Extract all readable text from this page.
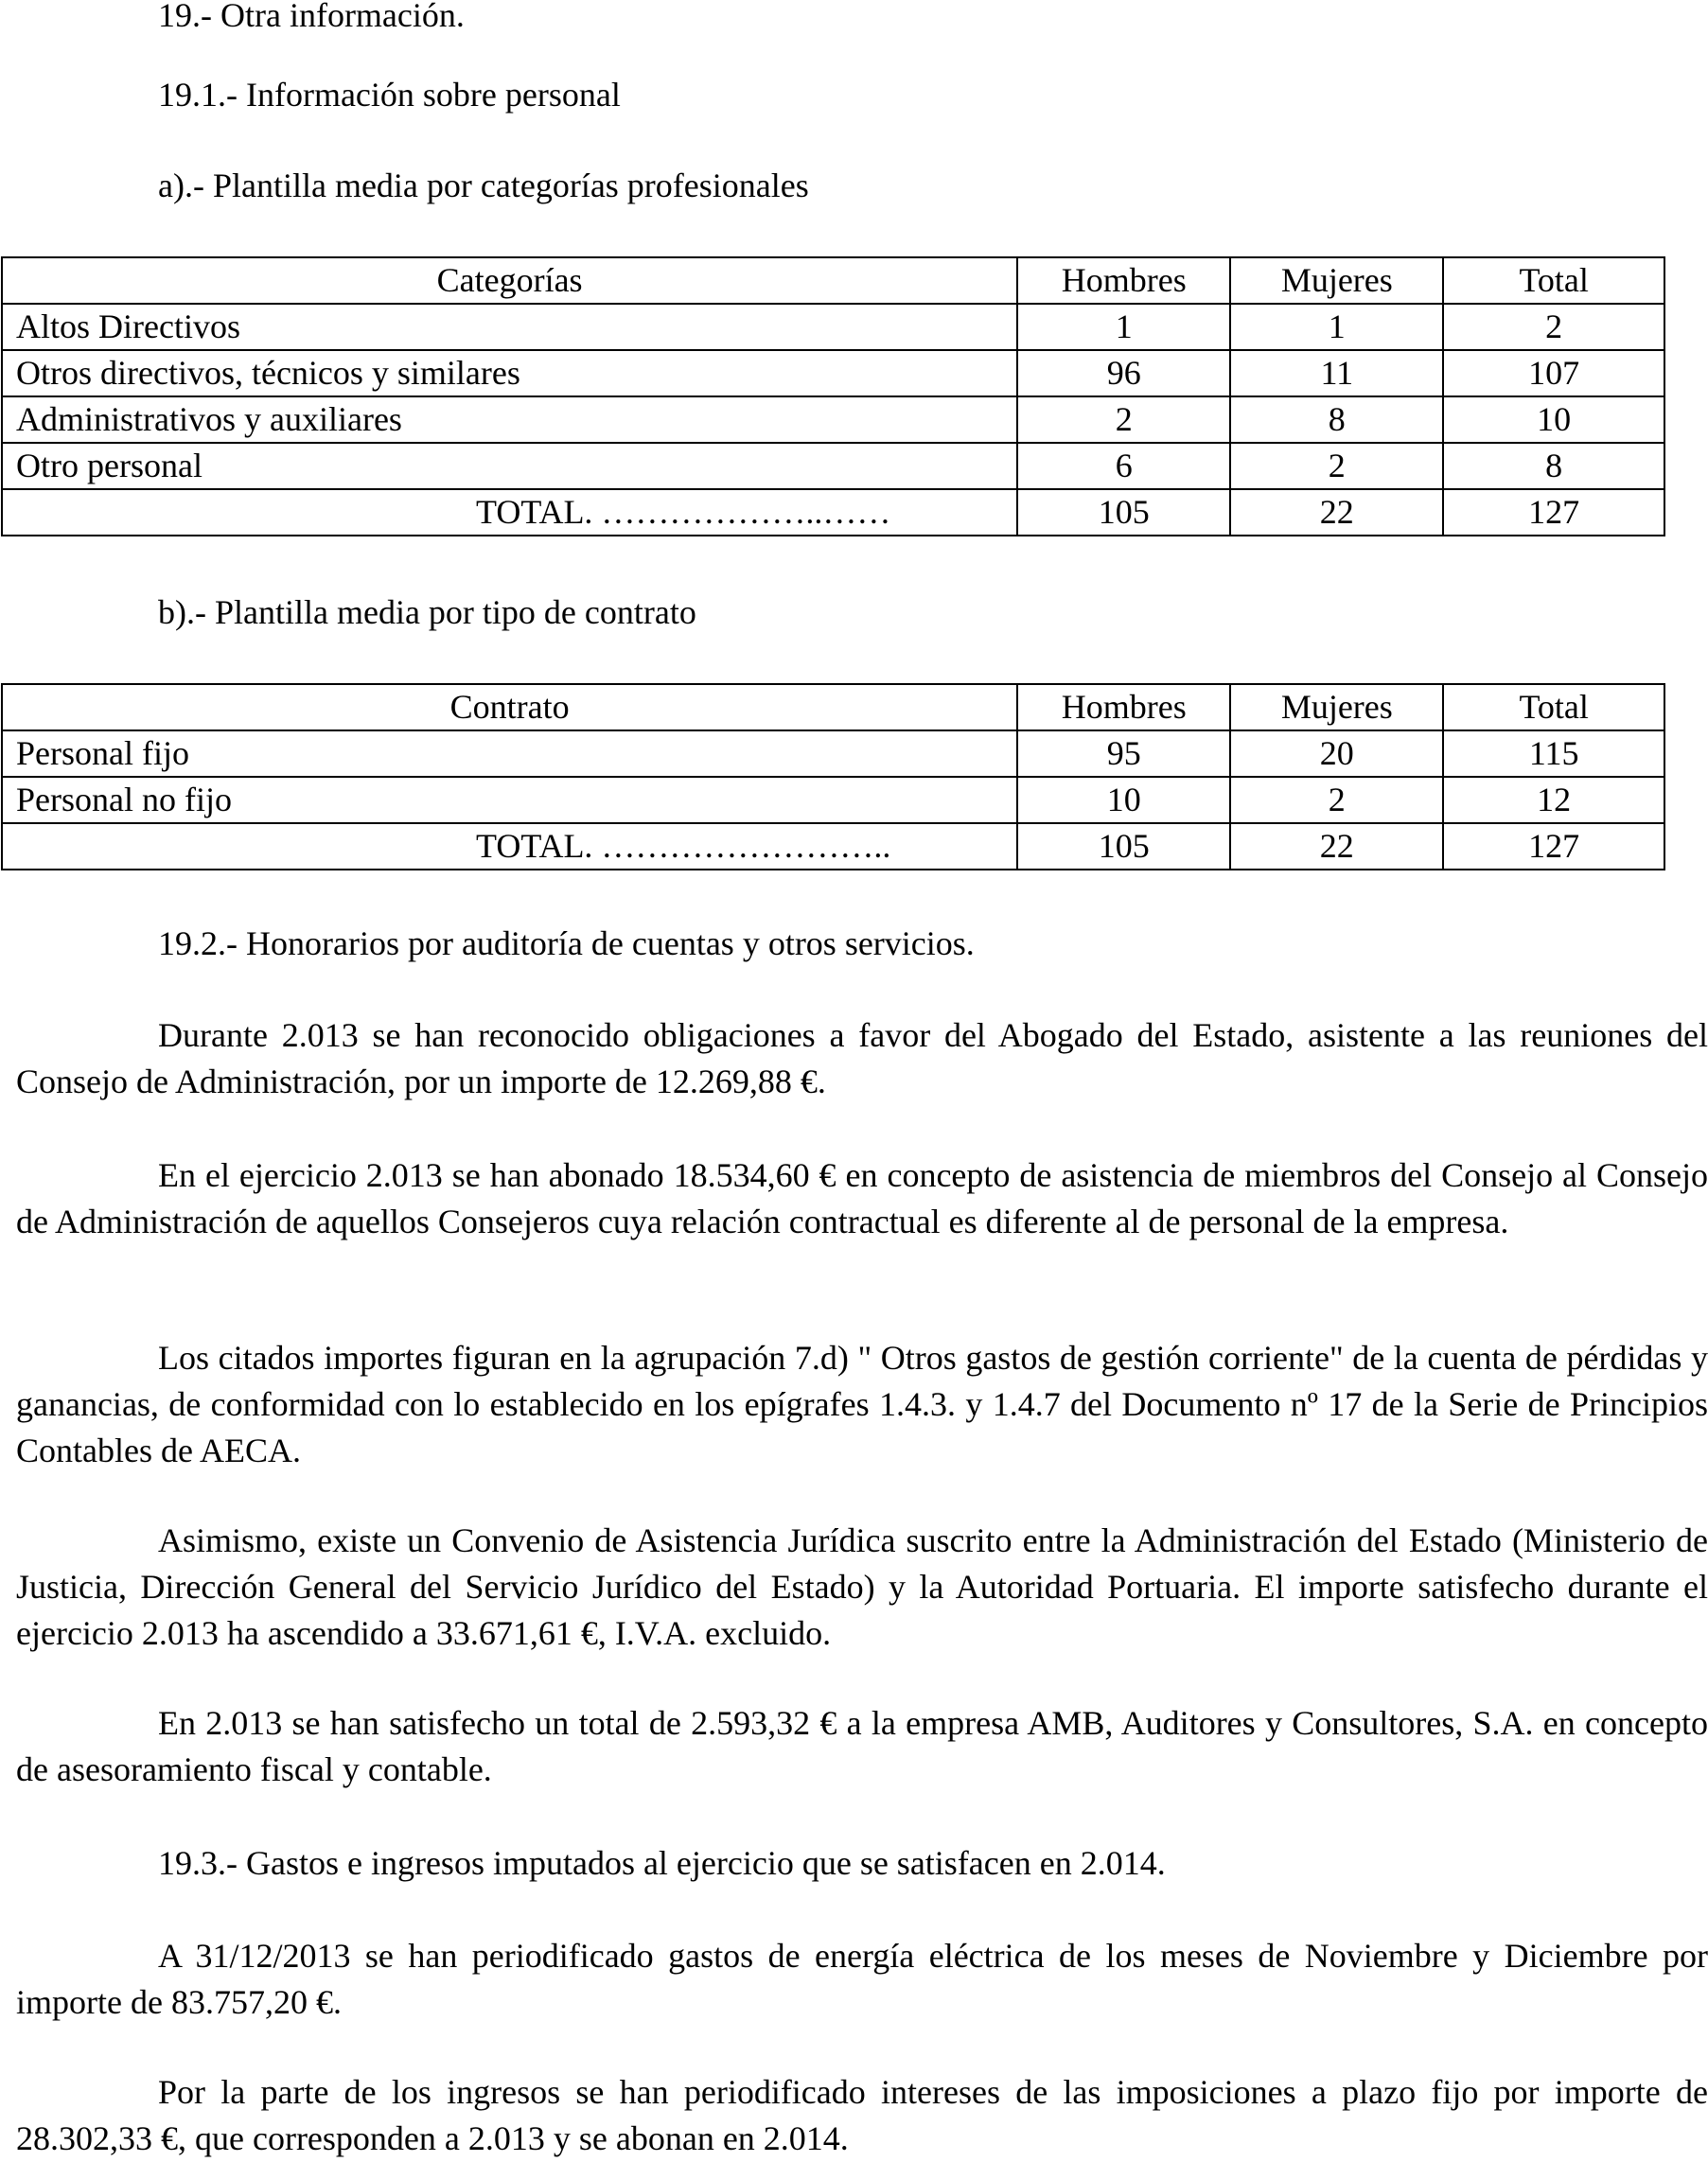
19.- Otra información.
19.1.- Información sobre personal
a).- Plantilla media por categorías profesionales
Categorías	Hombres	Mujeres	Total
Altos Directivos	1	1	2
Otros directivos, técnicos y similares	96	11	107
Administrativos y auxiliares	2	8	10
Otro personal	6	2	8
TOTAL. ………………..……	105	22	127
b).- Plantilla media por tipo de contrato
Contrato	Hombres	Mujeres	Total
Personal fijo	95	20	115
Personal no fijo	10	2	12
TOTAL. ……………………..	105	22	127
19.2.- Honorarios por auditoría de cuentas y otros servicios.

Durante 2.013 se han reconocido obligaciones a favor del Abogado del Estado, asistente a las reuniones del Consejo de Administración, por un importe de 12.269,88 €.

En el ejercicio 2.013 se han abonado 18.534,60 € en concepto de asistencia de miembros del Consejo al Consejo de Administración de aquellos Consejeros cuya relación contractual es diferente al de personal de la empresa.

Los citados importes figuran en la agrupación 7.d) " Otros gastos de gestión corriente" de la cuenta de pérdidas y ganancias, de conformidad con lo establecido en los epígrafes 1.4.3. y 1.4.7 del Documento nº 17 de la Serie de Principios Contables de AECA.

Asimismo, existe un Convenio de Asistencia Jurídica suscrito entre la Administración del Estado (Ministerio de Justicia, Dirección General del Servicio Jurídico del Estado) y la Autoridad Portuaria. El importe satisfecho durante el ejercicio 2.013 ha ascendido a 33.671,61 €, I.V.A. excluido.

En 2.013 se han satisfecho un total de 2.593,32 € a la empresa AMB, Auditores y Consultores, S.A. en concepto de asesoramiento fiscal y contable.

19.3.- Gastos e ingresos imputados al ejercicio que se satisfacen en 2.014.

A 31/12/2013 se han periodificado gastos de energía eléctrica de los meses de Noviembre y Diciembre por importe de 83.757,20 €.

Por la parte de los ingresos se han periodificado intereses de las imposiciones a plazo fijo por importe de 28.302,33 €, que corresponden a 2.013 y se abonan en 2.014.
